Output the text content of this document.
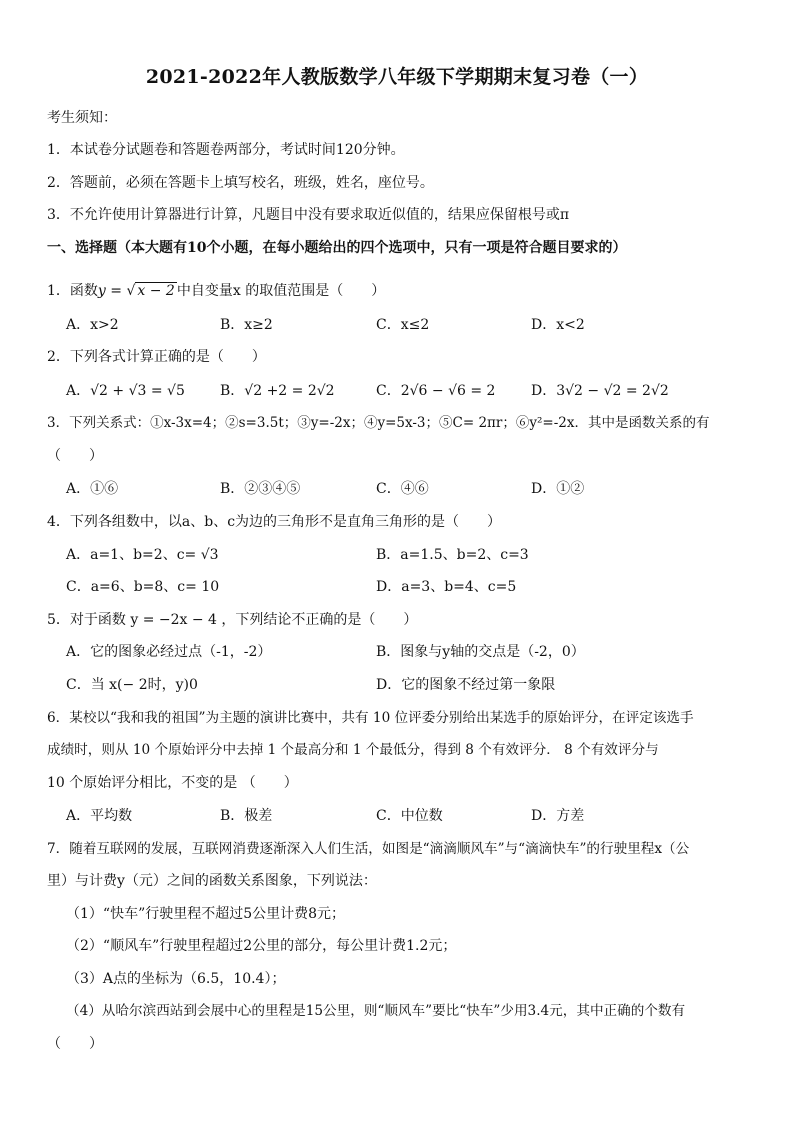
2021-2022年人教版数学八年级下学期期末复习卷（一）
考生须知：
1．本试卷分试题卷和答题卷两部分，考试时间120分钟。
2．答题前，必须在答题卡上填写校名，班级，姓名，座位号。
3．不允许使用计算器进行计算，凡题目中没有要求取近似值的，结果应保留根号或π
一、选择题（本大题有10个小题，在每小题给出的四个选项中，只有一项是符合题目要求的）
1．函数y = √ x − 2 中自变量x 的取值范围是（　　）
A．x>2	B．x≥2	C．x≤2	D．x<2
2．下列各式计算正确的是（　　）
A．√2 + √3 = √5	B．√2 +2 = 2√2	C．2√6 − √6 = 2	D．3√2 − √2 = 2√2
3．下列关系式：①x-3x=4；②s=3.5t；③y=-2x；④y=5x-3；⑤C= 2πr；⑥y²=-2x．其中是函数关系的有
（　　）
A．①⑥	B．②③④⑤	C．④⑥	D．①②
4．下列各组数中，以a、b、c为边的三角形不是直角三角形的是（　　）
A．a=1、b=2、c= √3	B．a=1.5、b=2、c=3
C．a=6、b=8、c= 10	D．a=3、b=4、c=5
5．对于函数 y = −2x − 4 ，下列结论不正确的是（　　）
A．它的图象必经过点（-1，-2）	B．图象与y轴的交点是（-2，0）
C．当 x(− 2时，y)0	D．它的图象不经过第一象限
6．某校以“我和我的祖国”为主题的演讲比赛中，共有 10 位评委分别给出某选手的原始评分，在评定该选手
成绩时，则从 10 个原始评分中去掉 1 个最高分和 1 个最低分，得到 8 个有效评分． 8 个有效评分与
10 个原始评分相比，不变的是 （　　）
A．平均数	B．极差	C．中位数	D．方差
7．随着互联网的发展，互联网消费逐渐深入人们生活，如图是“滴滴顺风车”与“滴滴快车”的行驶里程x（公
里）与计费y（元）之间的函数关系图象，下列说法：
（1）“快车”行驶里程不超过5公里计费8元；
（2）“顺风车”行驶里程超过2公里的部分，每公里计费1.2元；
（3）A点的坐标为（6.5，10.4）；
（4）从哈尔滨西站到会展中心的里程是15公里，则“顺风车”要比“快车”少用3.4元，其中正确的个数有
（　　）
